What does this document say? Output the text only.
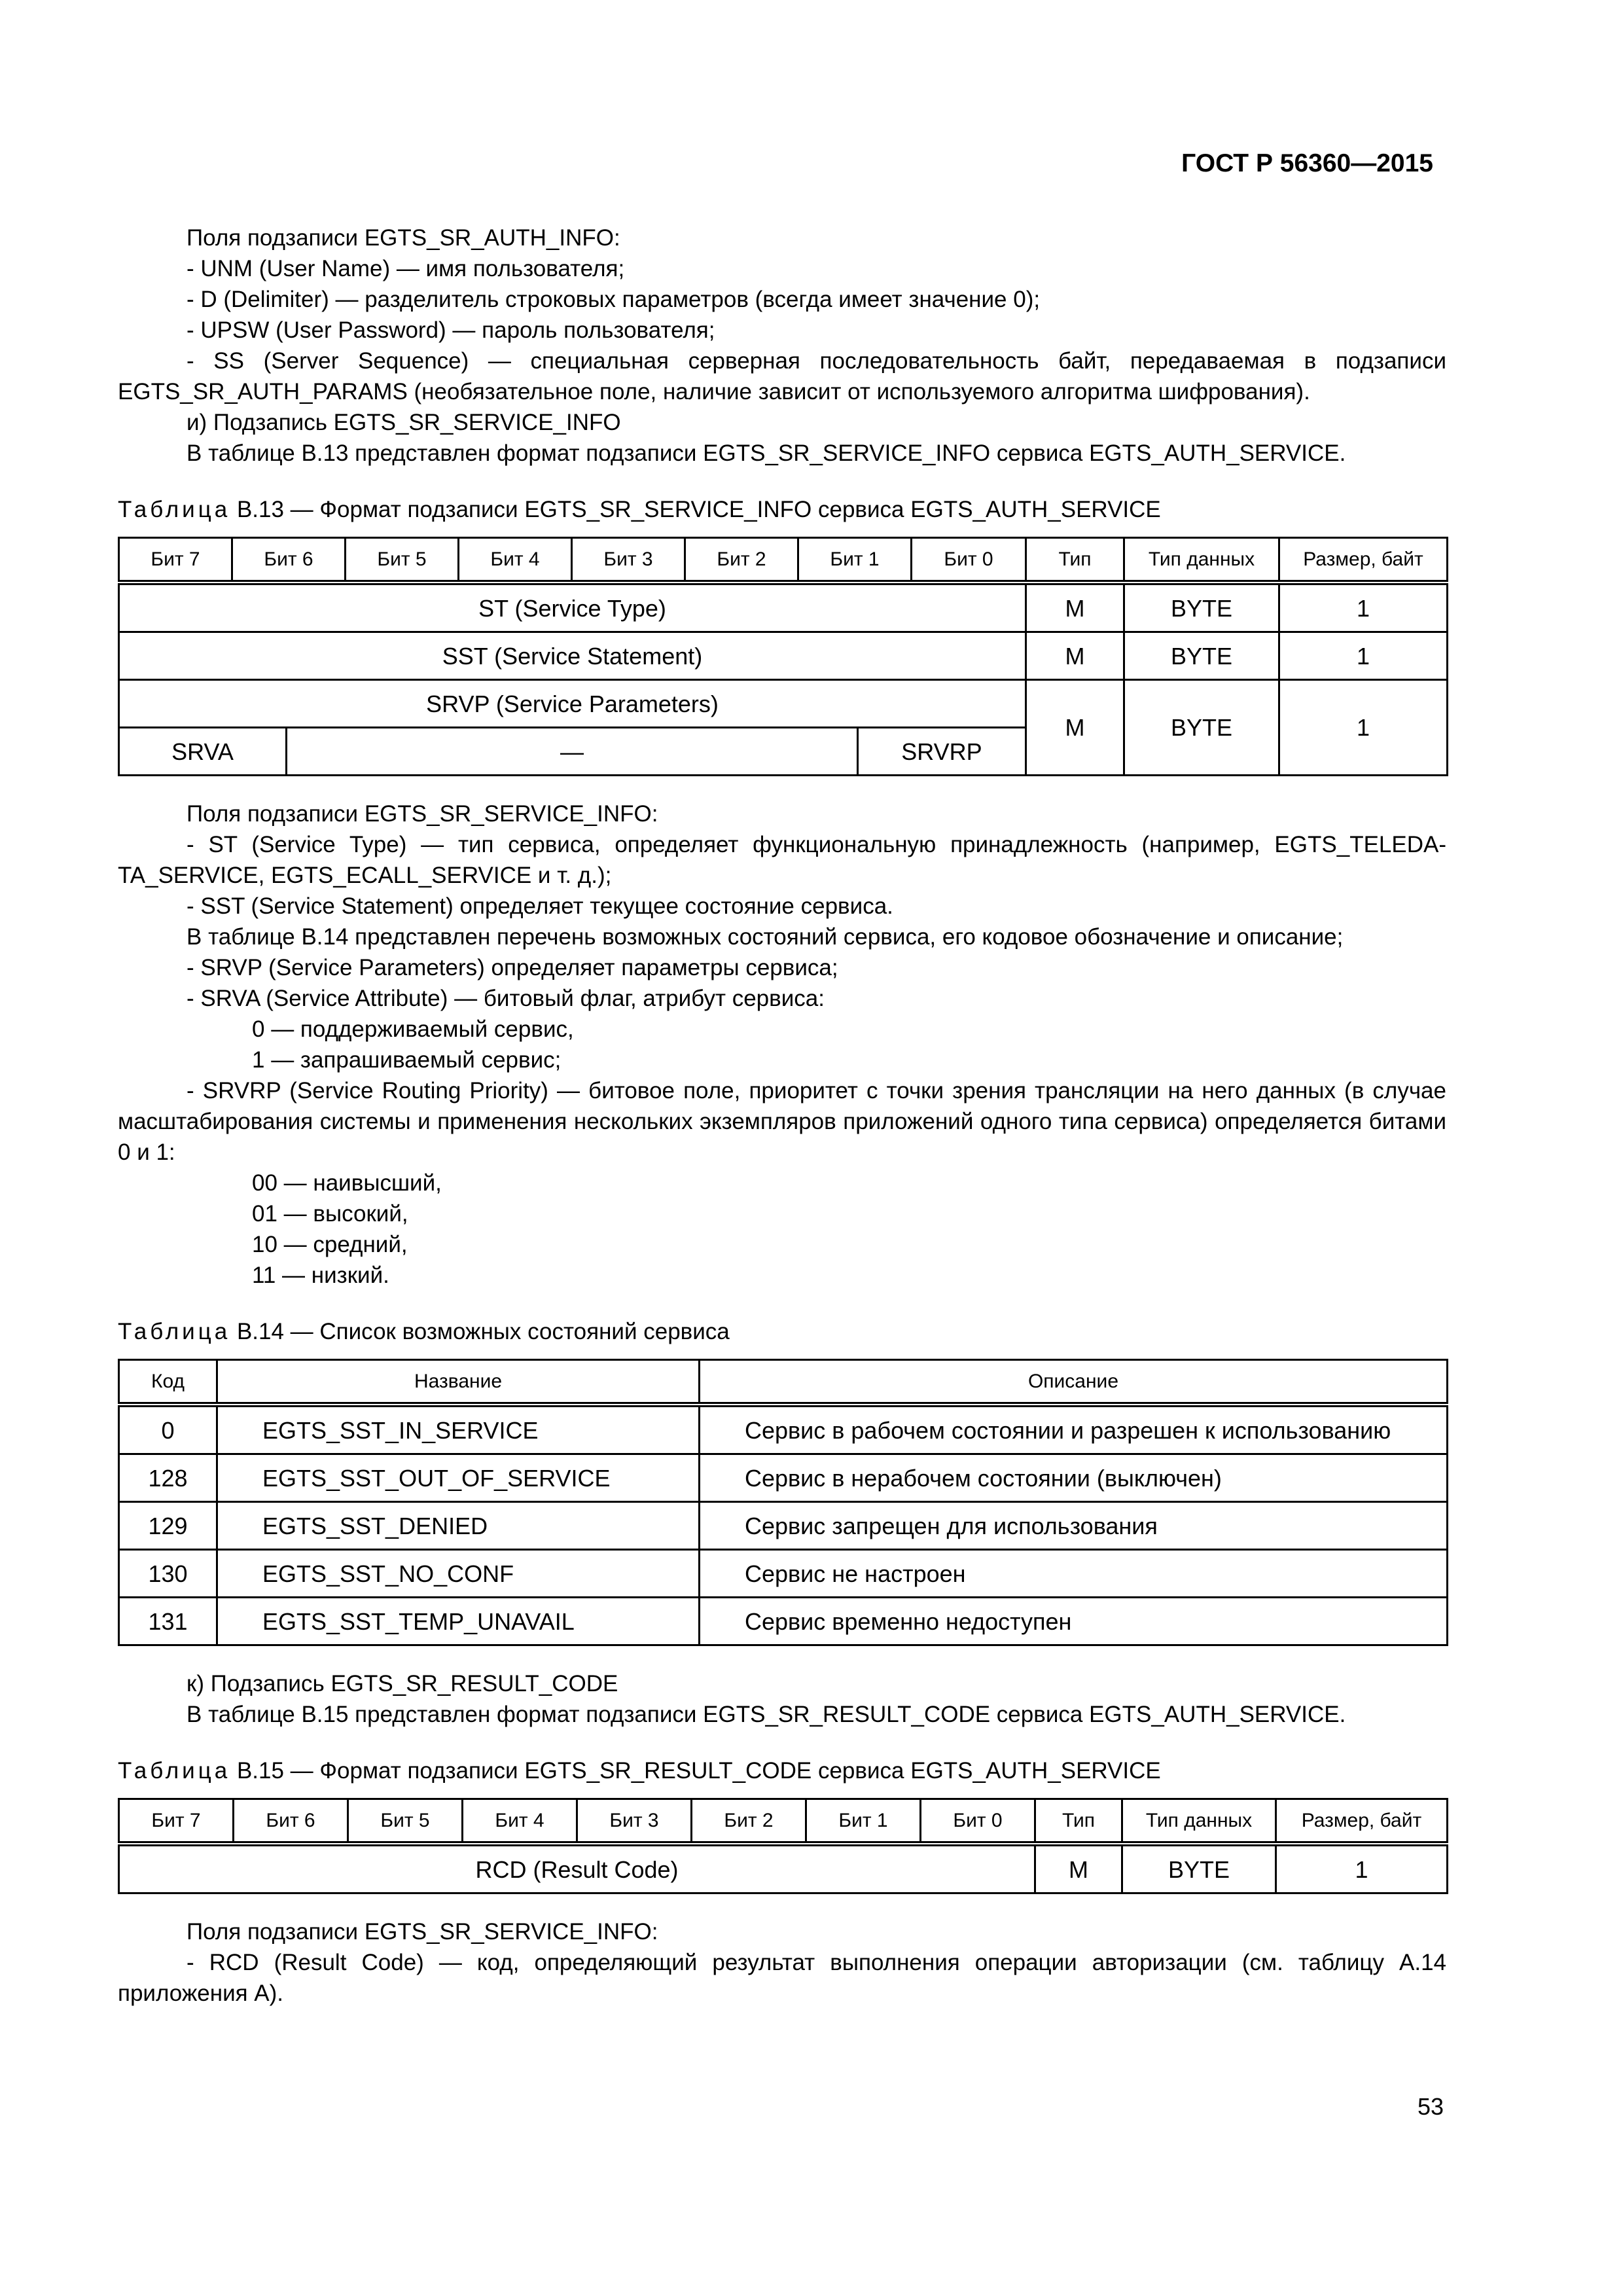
ГОСТ Р 56360—2015

Поля подзаписи EGTS_SR_AUTH_INFO:

- UNM (User Name) — имя пользователя;

- D (Delimiter) — разделитель строковых параметров (всегда имеет значение 0);

- UPSW (User Password) — пароль пользователя;

- SS (Server Sequence) — специальная серверная последовательность байт, передаваемая в подзаписи EGTS_SR_AUTH_PARAMS (необязательное поле, наличие зависит от используемого алгоритма шифрования).

и) Подзапись EGTS_SR_SERVICE_INFO

В таблице В.13 представлен формат подзаписи EGTS_SR_SERVICE_INFO сервиса EGTS_AUTH_SERVICE.

Таблица В.13 — Формат подзаписи EGTS_SR_SERVICE_INFO сервиса EGTS_AUTH_SERVICE

Бит 7	Бит 6	Бит 5	Бит 4	Бит 3	Бит 2	Бит 1	Бит 0	Тип	Тип данных	Размер, байт
ST (Service Type)								M	BYTE	1
SST (Service Statement)								M	BYTE	1
SRVP (Service Parameters)								M	BYTE	1

SRVA — SRVRP										

Поля подзаписи EGTS_SR_SERVICE_INFO:

- ST (Service Type) — тип сервиса, определяет функциональную принадлежность (например, EGTS_TELEDA-TA_SERVICE, EGTS_ECALL_SERVICE и т. д.);

- SST (Service Statement) определяет текущее состояние сервиса.

В таблице В.14 представлен перечень возможных состояний сервиса, его кодовое обозначение и описание;

- SRVP (Service Parameters) определяет параметры сервиса;

- SRVA (Service Attribute) — битовый флаг, атрибут сервиса:

0 — поддерживаемый сервис,

1 — запрашиваемый сервис;

- SRVRP (Service Routing Priority) — битовое поле, приоритет с точки зрения трансляции на него данных (в случае масштабирования системы и применения нескольких экземпляров приложений одного типа сервиса) определяется битами 0 и 1:

00 — наивысший,

01 — высокий,

10 — средний,

11 — низкий.

Таблица В.14 — Список возможных состояний сервиса

Код	Название	Описание
0	EGTS_SST_IN_SERVICE	Сервис в рабочем состоянии и разрешен к использованию
128	EGTS_SST_OUT_OF_SERVICE	Сервис в нерабочем состоянии (выключен)
129	EGTS_SST_DENIED	Сервис запрещен для использования
130	EGTS_SST_NO_CONF	Сервис не настроен
131	EGTS_SST_TEMP_UNAVAIL	Сервис временно недоступен

к) Подзапись EGTS_SR_RESULT_CODE

В таблице В.15 представлен формат подзаписи EGTS_SR_RESULT_CODE сервиса EGTS_AUTH_SERVICE.

Таблица В.15 — Формат подзаписи EGTS_SR_RESULT_CODE сервиса EGTS_AUTH_SERVICE

Бит 7	Бит 6	Бит 5	Бит 4	Бит 3	Бит 2	Бит 1	Бит 0	Тип	Тип данных	Размер, байт
RCD (Result Code)								M	BYTE	1

Поля подзаписи EGTS_SR_SERVICE_INFO:

- RCD (Result Code) — код, определяющий результат выполнения операции авторизации (см. таблицу А.14 приложения А).

53
